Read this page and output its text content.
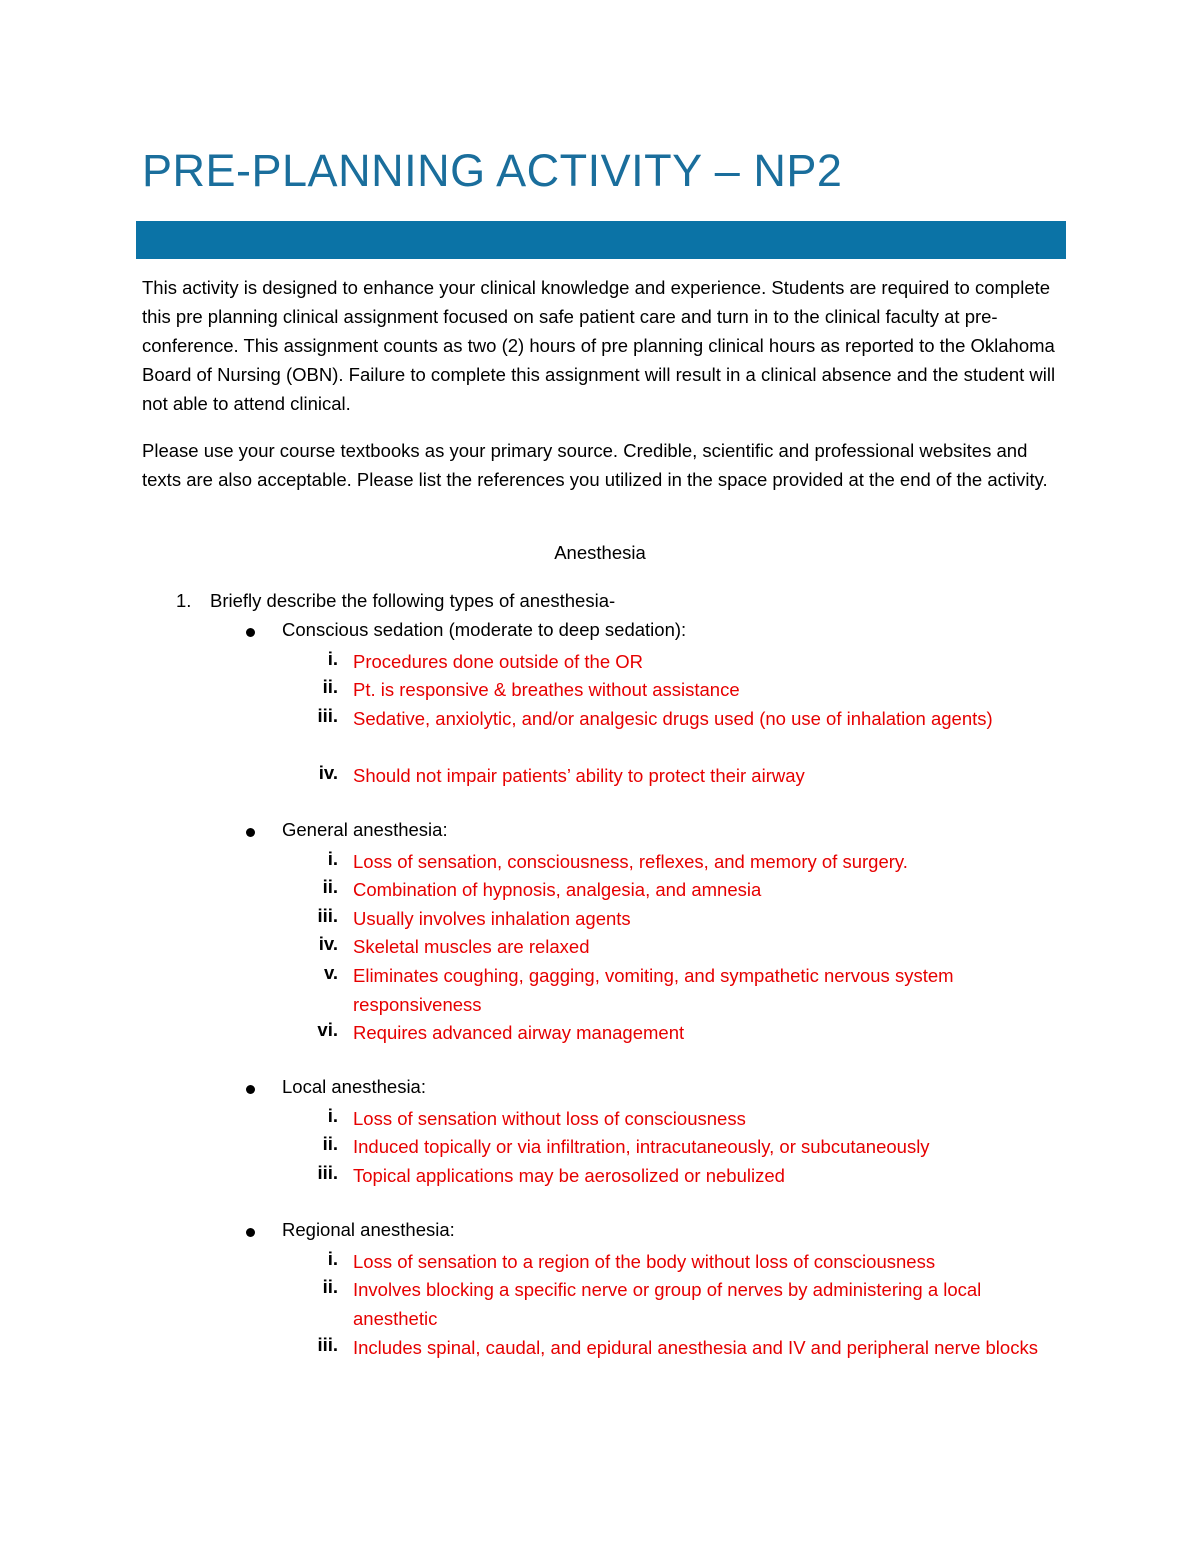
PRE-PLANNING ACTIVITY – NP2
This activity is designed to enhance your clinical knowledge and experience. Students are required to complete this pre planning clinical assignment focused on safe patient care and turn in to the clinical faculty at pre-conference. This assignment counts as two (2) hours of pre planning clinical hours as reported to the Oklahoma Board of Nursing (OBN). Failure to complete this assignment will result in a clinical absence and the student will not able to attend clinical.
Please use your course textbooks as your primary source. Credible, scientific and professional websites and texts are also acceptable. Please list the references you utilized in the space provided at the end of the activity.
Anesthesia
1.	Briefly describe the following types of anesthesia-
Conscious sedation (moderate to deep sedation):
i. Procedures done outside of the OR
ii. Pt. is responsive & breathes without assistance
iii. Sedative, anxiolytic, and/or analgesic drugs used (no use of inhalation agents)
iv. Should not impair patients’ ability to protect their airway
General anesthesia:
i. Loss of sensation, consciousness, reflexes, and memory of surgery.
ii. Combination of hypnosis, analgesia, and amnesia
iii. Usually involves inhalation agents
iv. Skeletal muscles are relaxed
v. Eliminates coughing, gagging, vomiting, and sympathetic nervous system responsiveness
vi. Requires advanced airway management
Local anesthesia:
i. Loss of sensation without loss of consciousness
ii. Induced topically or via infiltration, intracutaneously, or subcutaneously
iii. Topical applications may be aerosolized or nebulized
Regional anesthesia:
i. Loss of sensation to a region of the body without loss of consciousness
ii. Involves blocking a specific nerve or group of nerves by administering a local anesthetic
iii. Includes spinal, caudal, and epidural anesthesia and IV and peripheral nerve blocks
